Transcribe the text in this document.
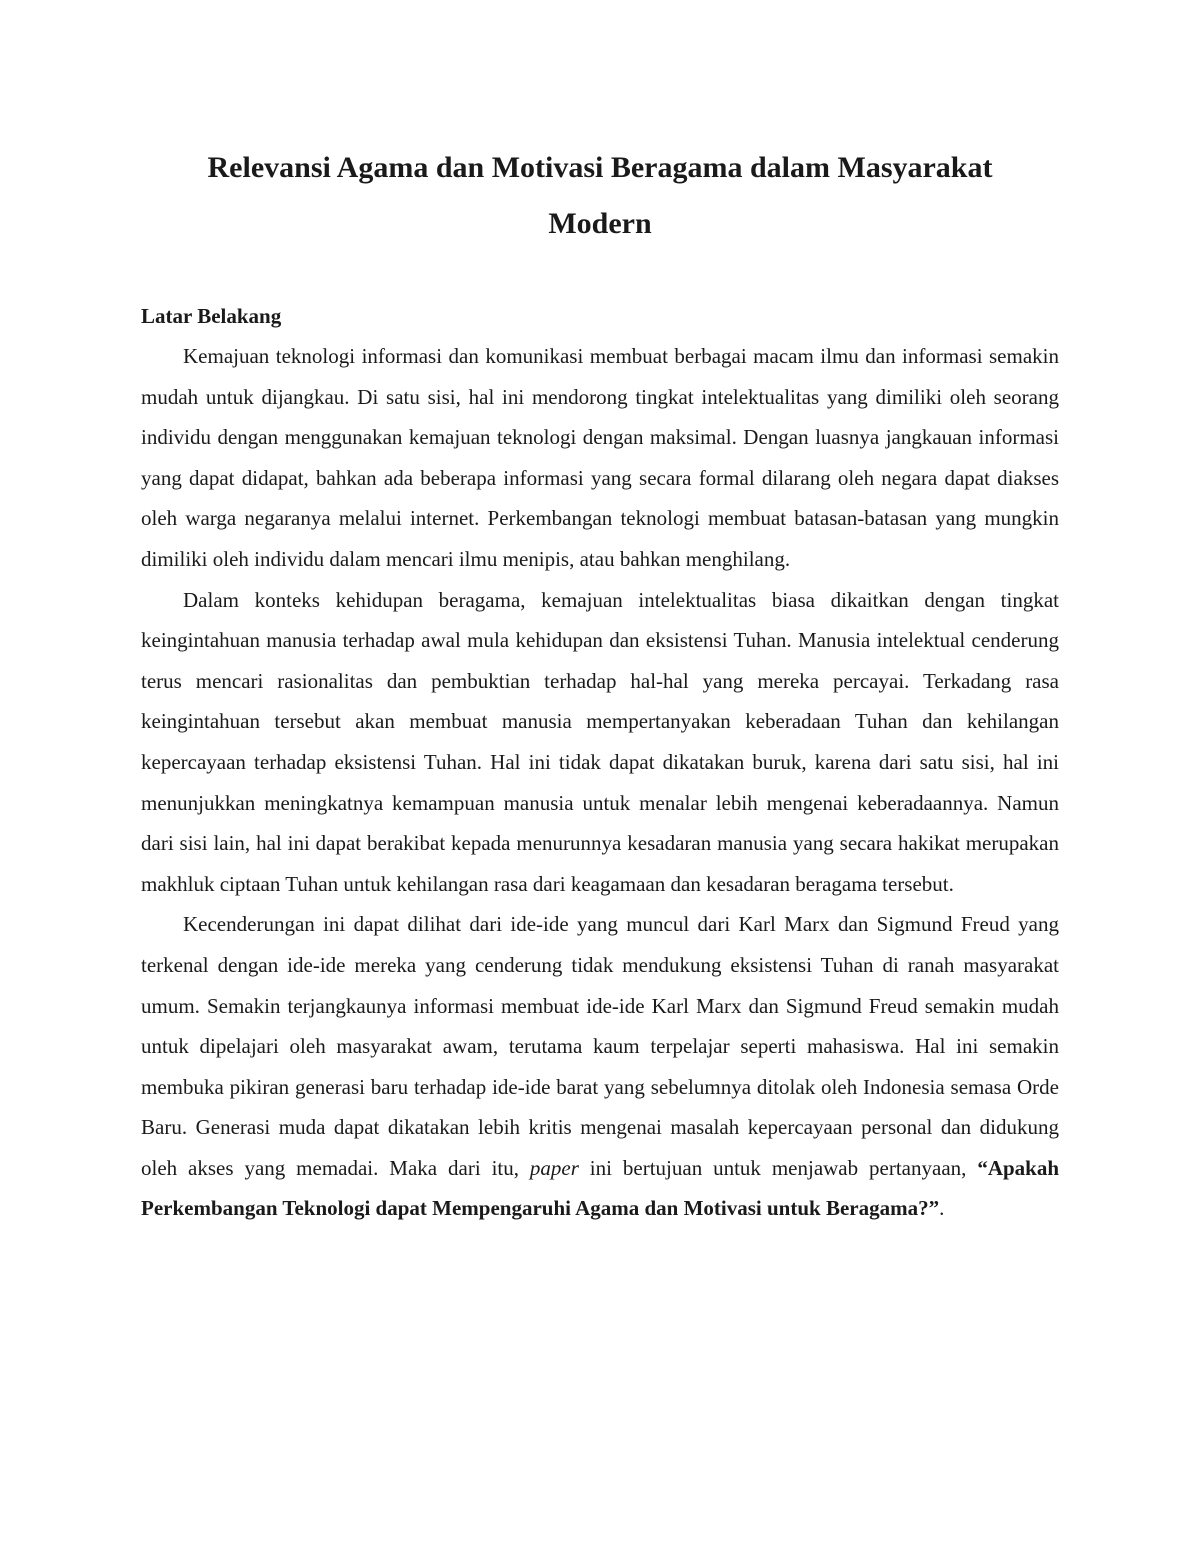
Relevansi Agama dan Motivasi Beragama dalam Masyarakat
Modern
Latar Belakang

Kemajuan teknologi informasi dan komunikasi membuat berbagai macam ilmu dan informasi semakin mudah untuk dijangkau. Di satu sisi, hal ini mendorong tingkat intelektualitas yang dimiliki oleh seorang individu dengan menggunakan kemajuan teknologi dengan maksimal. Dengan luasnya jangkauan informasi yang dapat didapat, bahkan ada beberapa informasi yang secara formal dilarang oleh negara dapat diakses oleh warga negaranya melalui internet. Perkembangan teknologi membuat batasan-batasan yang mungkin dimiliki oleh individu dalam mencari ilmu menipis, atau bahkan menghilang.

Dalam konteks kehidupan beragama, kemajuan intelektualitas biasa dikaitkan dengan tingkat keingintahuan manusia terhadap awal mula kehidupan dan eksistensi Tuhan. Manusia intelektual cenderung terus mencari rasionalitas dan pembuktian terhadap hal-hal yang mereka percayai. Terkadang rasa keingintahuan tersebut akan membuat manusia mempertanyakan keberadaan Tuhan dan kehilangan kepercayaan terhadap eksistensi Tuhan. Hal ini tidak dapat dikatakan buruk, karena dari satu sisi, hal ini menunjukkan meningkatnya kemampuan manusia untuk menalar lebih mengenai keberadaannya. Namun dari sisi lain, hal ini dapat berakibat kepada menurunnya kesadaran manusia yang secara hakikat merupakan makhluk ciptaan Tuhan untuk kehilangan rasa dari keagamaan dan kesadaran beragama tersebut.

Kecenderungan ini dapat dilihat dari ide-ide yang muncul dari Karl Marx dan Sigmund Freud yang terkenal dengan ide-ide mereka yang cenderung tidak mendukung eksistensi Tuhan di ranah masyarakat umum. Semakin terjangkaunya informasi membuat ide-ide Karl Marx dan Sigmund Freud semakin mudah untuk dipelajari oleh masyarakat awam, terutama kaum terpelajar seperti mahasiswa. Hal ini semakin membuka pikiran generasi baru terhadap ide-ide barat yang sebelumnya ditolak oleh Indonesia semasa Orde Baru. Generasi muda dapat dikatakan lebih kritis mengenai masalah kepercayaan personal dan didukung oleh akses yang memadai. Maka dari itu, paper ini bertujuan untuk menjawab pertanyaan, “Apakah Perkembangan Teknologi dapat Mempengaruhi Agama dan Motivasi untuk Beragama?”.
